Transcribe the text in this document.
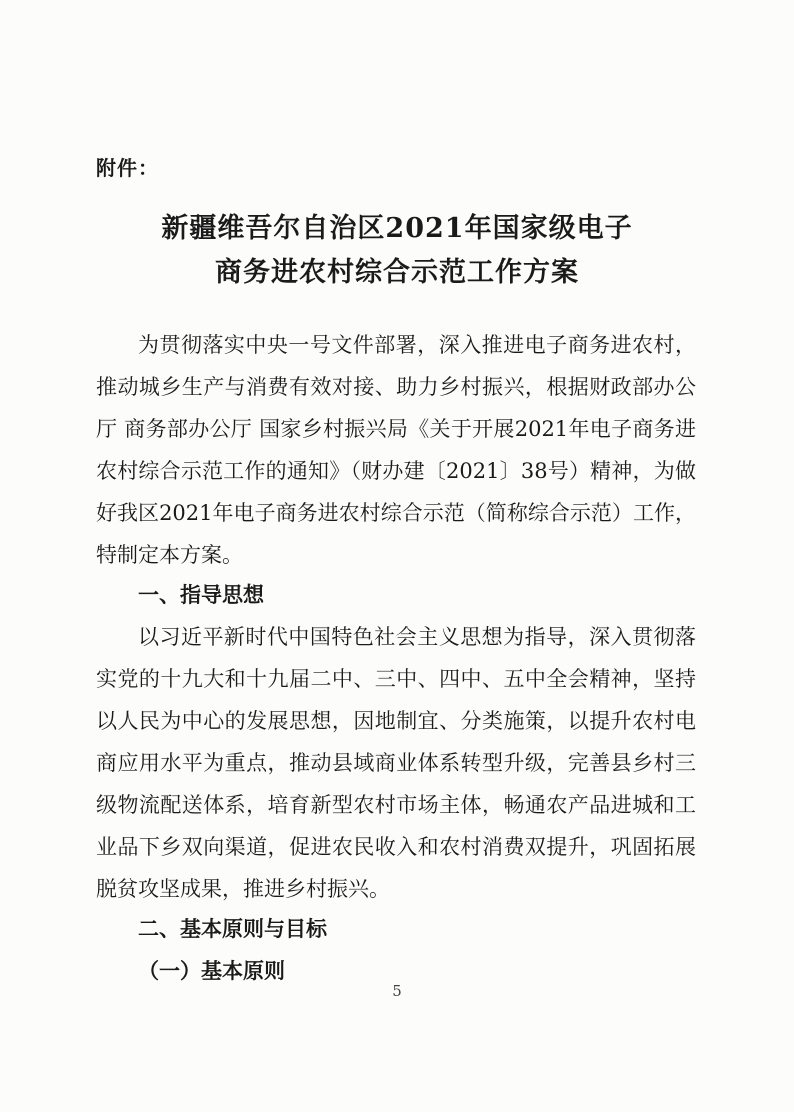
附件：
新疆维吾尔自治区2021年国家级电子
商务进农村综合示范工作方案
为贯彻落实中央一号文件部署，深入推进电子商务进农村，
推动城乡生产与消费有效对接、助力乡村振兴，根据财政部办公
厅 商务部办公厅 国家乡村振兴局《关于开展2021年电子商务进
农村综合示范工作的通知》（财办建〔2021〕38号）精神，为做
好我区2021年电子商务进农村综合示范（简称综合示范）工作，
特制定本方案。
一、指导思想
以习近平新时代中国特色社会主义思想为指导，深入贯彻落
实党的十九大和十九届二中、三中、四中、五中全会精神，坚持
以人民为中心的发展思想，因地制宜、分类施策，以提升农村电
商应用水平为重点，推动县域商业体系转型升级，完善县乡村三
级物流配送体系，培育新型农村市场主体，畅通农产品进城和工
业品下乡双向渠道，促进农民收入和农村消费双提升，巩固拓展
脱贫攻坚成果，推进乡村振兴。
二、基本原则与目标
（一）基本原则
5
